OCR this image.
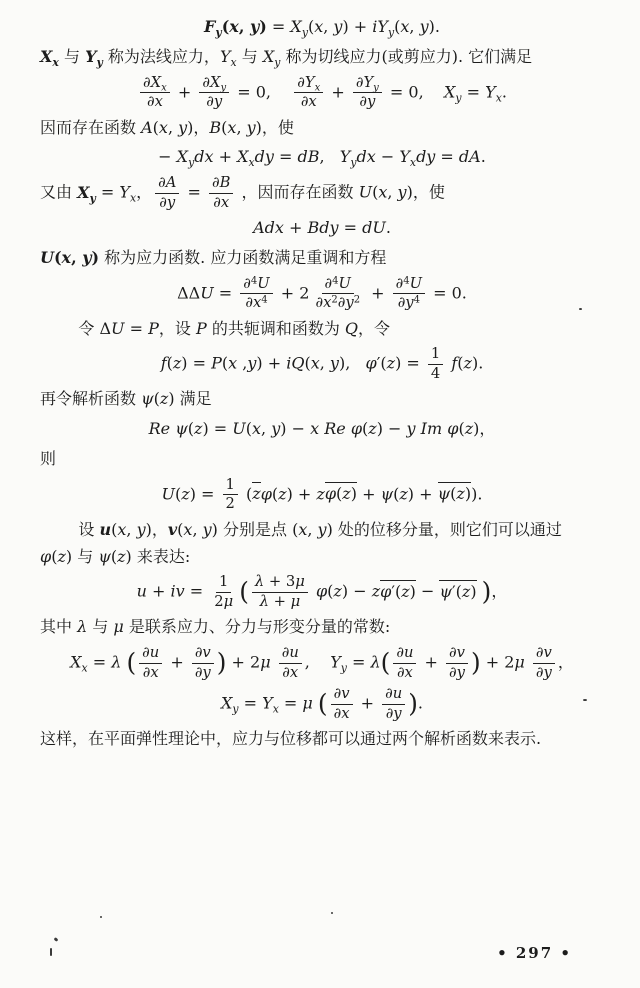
$F_y(x$, $y) = X_y(x$, $y) + iY_y(x$, y).
$X_x$ 与 $Y_y$ 称为法线应力，$Y_x$ 与 $X_y$ 称为切线应力(或剪应力). 它们满足
$\frac{\partial X_x}{\partial x} + \frac{\partial X_y}{\partial y} = 0$, $\frac{\partial Y_x}{\partial x} + \frac{\partial Y_y}{\partial y} = 0$,    $X_y = Y_x$.
因而存在函数 A(x, y)，B(x, y)，使
− $X_ydx + X_xdy$ = dB,   $Y_ydx - Y_xdy$ = dA.
又由 $X_y = Y_x$， $\frac{\partial A}{\partial y} = \frac{\partial B}{\partial x}$ ，因而存在函数 U(x, y)，使
Adx + Bdy = dU.
U(x, y) 称为应力函数. 应力函数满足重调和方程
$\Delta\Delta U = \frac{\partial^4U}{\partial x^4} + 2 \frac{\partial^4U}{\partial x^2\partial y^2} + \frac{\partial^4U}{\partial y^4} = 0$.
令 ΔU = P，设 P 的共轭调和函数为 Q，令
f(z) = P(x ,y) + iQ(x, y),   $\varphi'(z) = \frac{1}{4} f(z)$.
再令解析函数 ψ(z) 满足
Re ψ(z) = U(x, y) − x Re φ(z) − y Im φ(z)，
则
$U(z) = \frac{1}{2} (z\varphi(z) + z\varphi(z) + \psi(z) + \psi(z))$.
设 u(x, y)，v(x, y) 分别是点 (x, y) 处的位移分量，则它们可以通过
φ(z) 与 ψ(z) 来表达:
u + iv = $\frac{1}{2\mu}$ ( $\frac{\lambda + 3\mu}{\lambda + \mu} \varphi(z) - z\varphi'(z) - \psi'(z)$ )，
其中 λ 与 μ 是联系应力、分力与形变分量的常数:
$X_x = \lambda$ ( $\frac{\partial u}{\partial x} + \frac{\partial v}{\partial y}$ ) + $2\mu \frac{\partial u}{\partial x}$ ,    $Y_y = \lambda( \frac{\partial u}{\partial x} + \frac{\partial v}{\partial y}$ ) + $2\mu \frac{\partial v}{\partial y}$ ，
$X_y = Y_x = \mu$ ( $\frac{\partial v}{\partial x} + \frac{\partial u}{\partial y}$ ).
这样，在平面弹性理论中，应力与位移都可以通过两个解析函数来表示.
• 297 •
